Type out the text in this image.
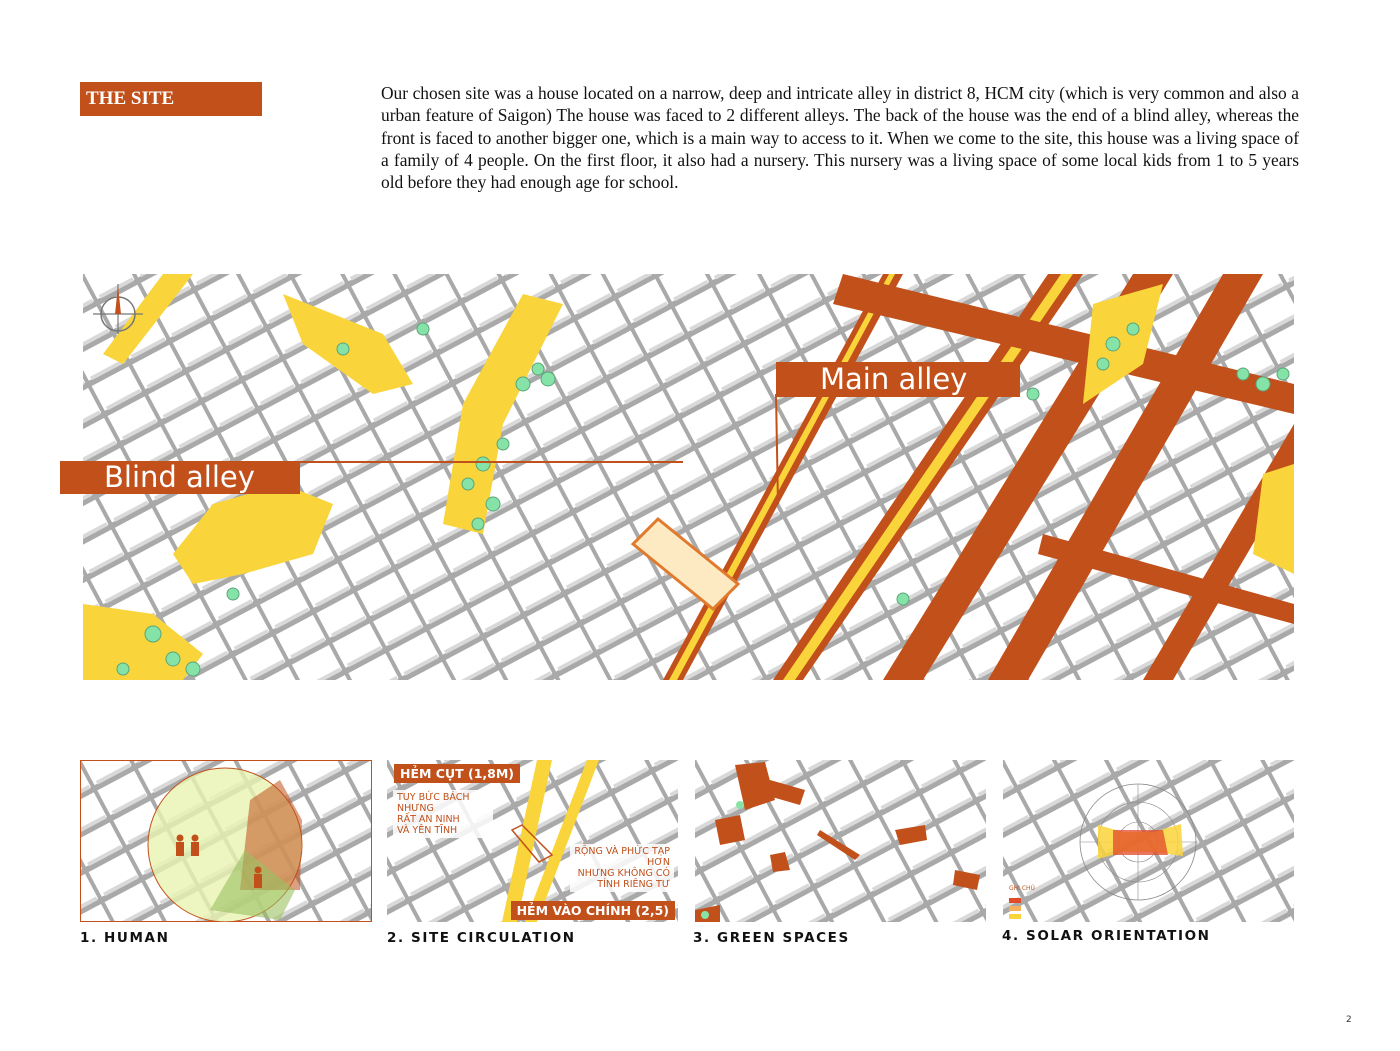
THE SITE	Our chosen site was a house located on a narrow, deep and intricate alley in district 8, HCM city (which is very common and also a urban feature of Saigon) The house was faced to 2 different alleys. The back of the house was the end of a blind alley, whereas the front is faced to another bigger one, which is a main way to access to it. When we come to the site, this house was a living space of a family of 4 people. On the first floor, it also had a nursery. This nursery was a living space of some local kids from 1 to 5 years old before they had enough age for school.

Blind alley
Main alley
1. HUMAN
HẺM CỤT (1,8M)
TUY BỨC BÁCH
NHƯNG
RẤT AN NINH
VÀ YÊN TĨNH
RỘNG VÀ PHỨC TẠP
HƠN
NHƯNG KHÔNG CÓ
TÍNH RIÊNG TƯ
HẺM VÀO CHÍNH (2,5)
2. SITE CIRCULATION	3. GREEN SPACES
GHI CHÚ
4. SOLAR ORIENTATION
2
